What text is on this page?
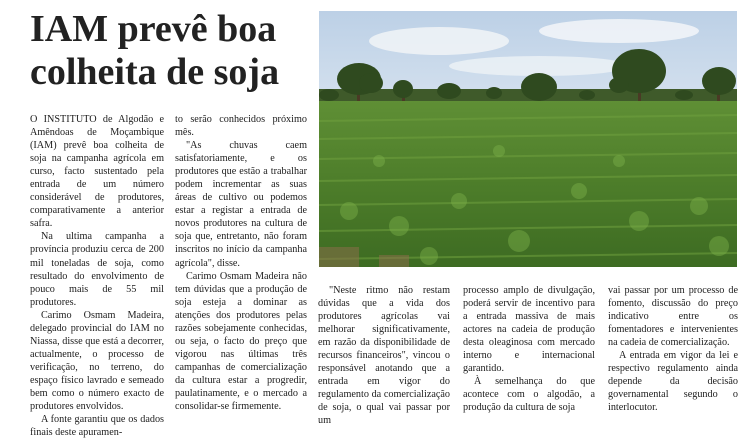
IAM prevê boa
colheita de soja

O INSTITUTO de Algodão e Amêndoas de Moçambique (IAM) prevê boa colheita de soja na campanha agrícola em curso, facto sustentado pela entrada de um número considerável de produtores, comparativamente a anterior safra.

Na ultima campanha a província produziu cerca de 200 mil toneladas de soja, como resultado do envolvimento de pouco mais de 55 mil produtores.

Carimo Osmam Madeira, delegado provincial do IAM no Niassa, disse que está a decorrer, actualmente, o processo de verificação, no terreno, do espaço físico lavrado e semeado bem como o número exacto de produtores envolvidos.

A fonte garantiu que os dados finais deste apuramen-

to serão conhecidos próximo mês.

"As chuvas caem satisfatoriamente, e os produtores que estão a trabalhar podem incrementar as suas áreas de cultivo ou podemos estar a registar a entrada de novos produtores na cultura de soja que, entretanto, não foram inscritos no início da campanha agrícola", disse.

Carimo Osmam Madeira não tem dúvidas que a produção de soja esteja a dominar as atenções dos produtores pelas razões sobejamente conhecidas, ou seja, o facto do preço que vigorou nas últimas três campanhas de comercialização da cultura estar a progredir, paulatinamente, e o mercado a consolidar-se firmemente.

"Neste ritmo não restam dúvidas que a vida dos produtores agrícolas vai melhorar significativamente, em razão da disponibilidade de recursos financeiros", vincou o responsável anotando que a entrada em vigor do regulamento da comercialização de soja, o qual vai passar por um

processo amplo de divulgação, poderá servir de incentivo para a entrada massiva de mais actores na cadeia de produção desta oleaginosa com mercado interno e internacional garantido.

À semelhança do que acontece com o algodão, a produção da cultura de soja

vai passar por um processo de fomento, discussão do preço indicativo entre os fomentadores e intervenientes na cadeia de comercialização.

A entrada em vigor da lei e respectivo regulamento ainda depende da decisão governamental segundo o interlocutor.
